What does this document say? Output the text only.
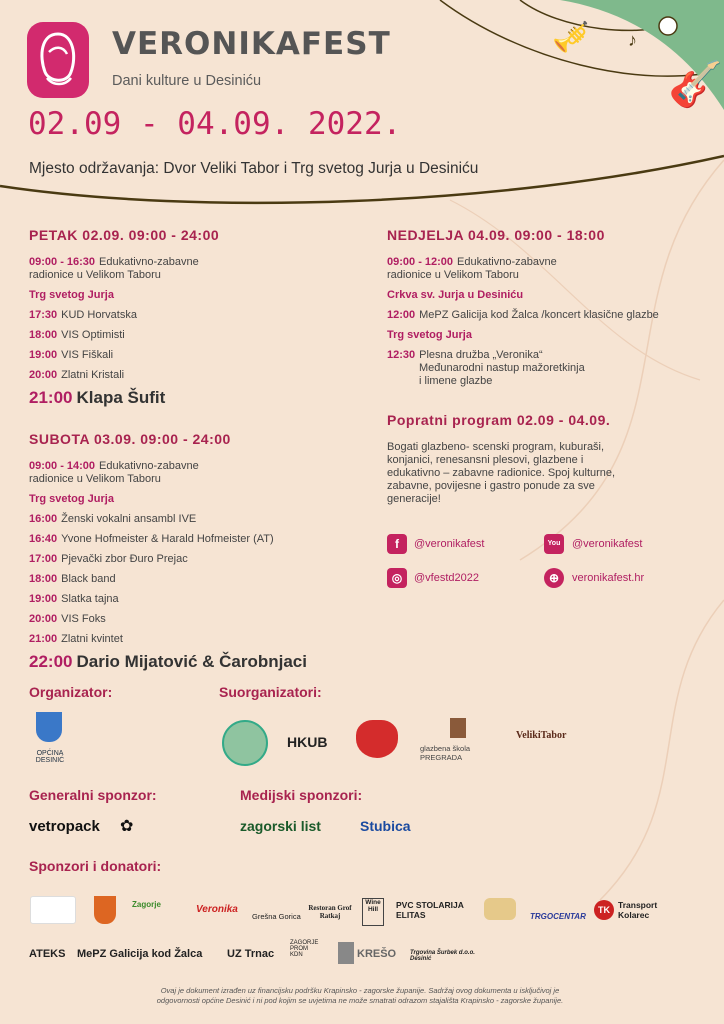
🎺
🎸
♪
VERONIKAFEST
Dani kulture u Desiniću
02.09 - 04.09. 2022.
Mjesto održavanja: Dvor Veliki Tabor i Trg svetog Jurja u Desiniću
PETAK 02.09. 09:00 - 24:00
09:00 - 16:30 Edukativno-zabavne
radionice u Velikom Taboru
Trg svetog Jurja
17:30 KUD Horvatska
18:00 VIS Optimisti
19:00 VIS Fiškali
20:00 Zlatni Kristali
21:00 Klapa Šufit
SUBOTA 03.09. 09:00 - 24:00
09:00 - 14:00 Edukativno-zabavne
radionice u Velikom Taboru
Trg svetog Jurja
16:00 Ženski vokalni ansambl IVE
16:40 Yvone Hofmeister & Harald Hofmeister (AT)
17:00 Pjevački zbor Đuro Prejac
18:00 Black band
19:00 Slatka tajna
20:00 VIS Foks
21:00 Zlatni kvintet
22:00 Dario Mijatović & Čarobnjaci
NEDJELJA 04.09. 09:00 - 18:00
09:00 - 12:00 Edukativno-zabavne
radionice u Velikom Taboru
Crkva sv. Jurja u Desiniću
12:00 MePZ Galicija kod Žalca /koncert klasične glazbe
Trg svetog Jurja
12:30 Plesna družba „Veronika“
Međunarodni nastup mažoretkinja
i limene glazbe
Popratni program 02.09 - 04.09.
Bogati glazbeno- scenski program, kuburaši,
konjanici, renesansni plesovi, glazbene i
edukativno – zabavne radionice. Spoj kulturne,
zabavne, povijesne i gastro ponude za sve
generacije!
f	@veronikafest	You	@veronikafest
◎	@vfestd2022	⊕	veronikafest.hr
Organizator:	Suorganizatori:
OPĆINA DESINIĆ
HKUB	glazbena škola PREGRADA
VelikiTabor
Generalni sponzor:	Medijski sponzori:
vetropack ✿	zagorski list	Stubica
Sponzori i donatori:
Zagorje	Veronika
Grešna Gorica
Restoran Grof Ratkaj
Wine Hill	PVC STOLARIJA ELITAS	TRGOCENTAR
TK Transport Kolarec
ATEKS MePZ Galicija kod Žalca UZ Trnac
ZAGORJE PROM KDN	KREŠO Trgovina Šurbek d.o.o. Desinić
Ovaj je dokument izrađen uz financijsku podršku Krapinsko - zagorske županije. Sadržaj ovog dokumenta u isključivoj je
odgovornosti općine Desinić i ni pod kojim se uvjetima ne može smatrati odrazom stajališta Krapinsko - zagorske županije.
